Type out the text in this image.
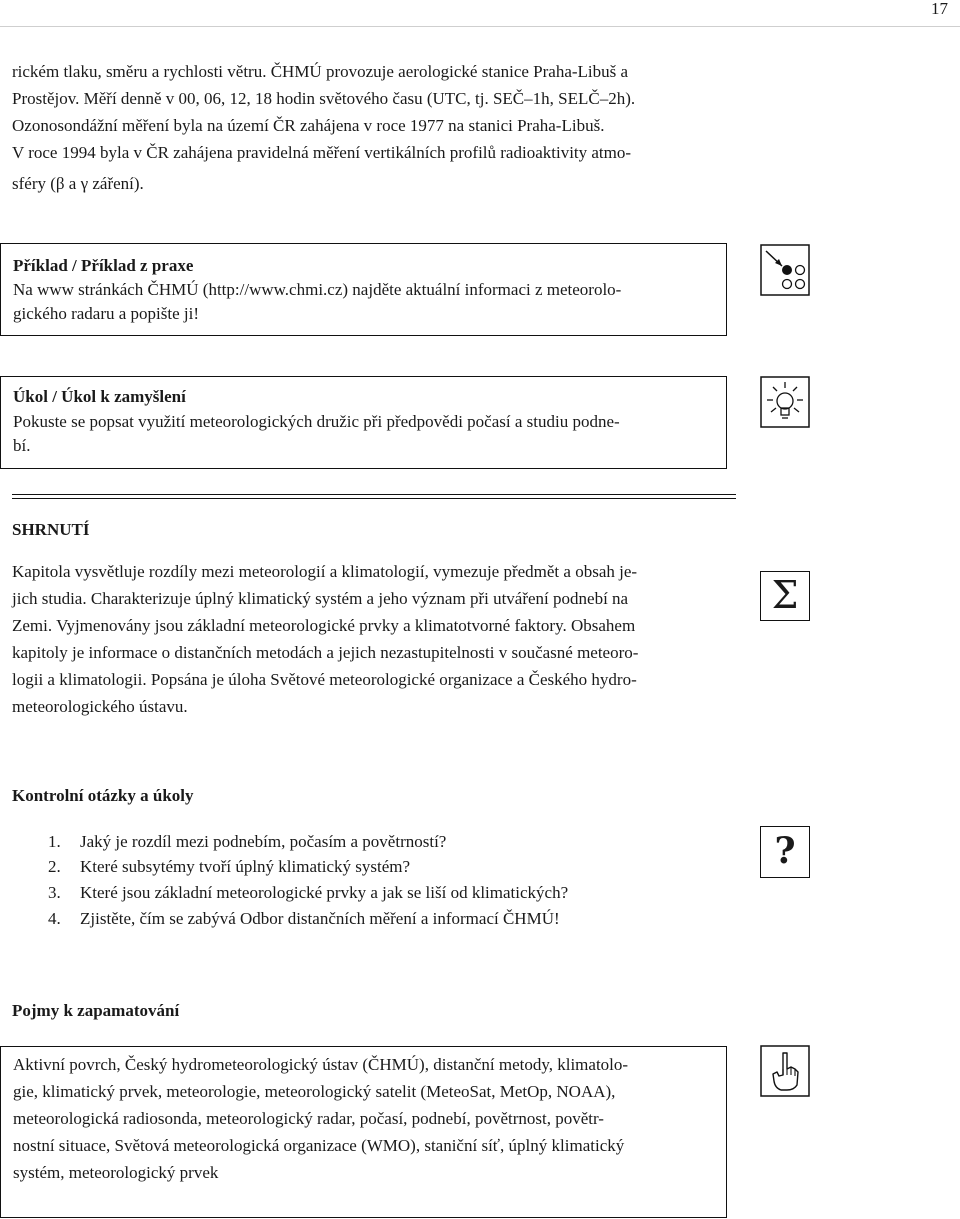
17
rickém tlaku, směru a rychlosti větru. ČHMÚ provozuje aerologické stanice Praha-Libuš a
Prostějov. Měří denně v 00, 06, 12, 18 hodin světového času (UTC, tj. SEČ–1h, SELČ–2h).
Ozonosondážní měření byla na území ČR zahájena v roce 1977 na stanici Praha-Libuš.
V roce 1994 byla v ČR zahájena pravidelná měření vertikálních profilů radioaktivity atmo-
sféry (β a γ záření).
Příklad / Příklad z praxe
Na www stránkách ČHMÚ (http://www.chmi.cz) najděte aktuální informaci z meteorolo-
gického radaru a popište ji!
Úkol / Úkol k zamyšlení
Pokuste se popsat využití meteorologických družic při předpovědi počasí a studiu podne-
bí.
SHRNUTÍ
Kapitola vysvětluje rozdíly mezi meteorologií a klimatologií, vymezuje předmět a obsah je-
jich studia. Charakterizuje úplný klimatický systém a jeho význam při utváření podnebí na
Zemi. Vyjmenovány jsou základní meteorologické prvky a klimatotvorné faktory. Obsahem
kapitoly je informace o distančních metodách a jejich nezastupitelnosti v současné meteoro-
logii a klimatologii. Popsána je úloha Světové meteorologické organizace a Českého hydro-
meteorologického ústavu.
Σ
Kontrolní otázky a úkoly
1. Jaký je rozdíl mezi podnebím, počasím a povětrností?
2. Které subsytémy tvoří úplný klimatický systém?
3. Které jsou základní meteorologické prvky a jak se liší od klimatických?
4. Zjistěte, čím se zabývá Odbor distančních měření a informací ČHMÚ!
?
Pojmy k zapamatování
Aktivní povrch, Český hydrometeorologický ústav (ČHMÚ), distanční metody, klimatolo-
gie, klimatický prvek, meteorologie, meteorologický satelit (MeteoSat, MetOp, NOAA),
meteorologická radiosonda, meteorologický radar, počasí, podnebí, povětrnost, povětr-
nostní situace, Světová meteorologická organizace (WMO), staniční síť, úplný klimatický
systém, meteorologický prvek
